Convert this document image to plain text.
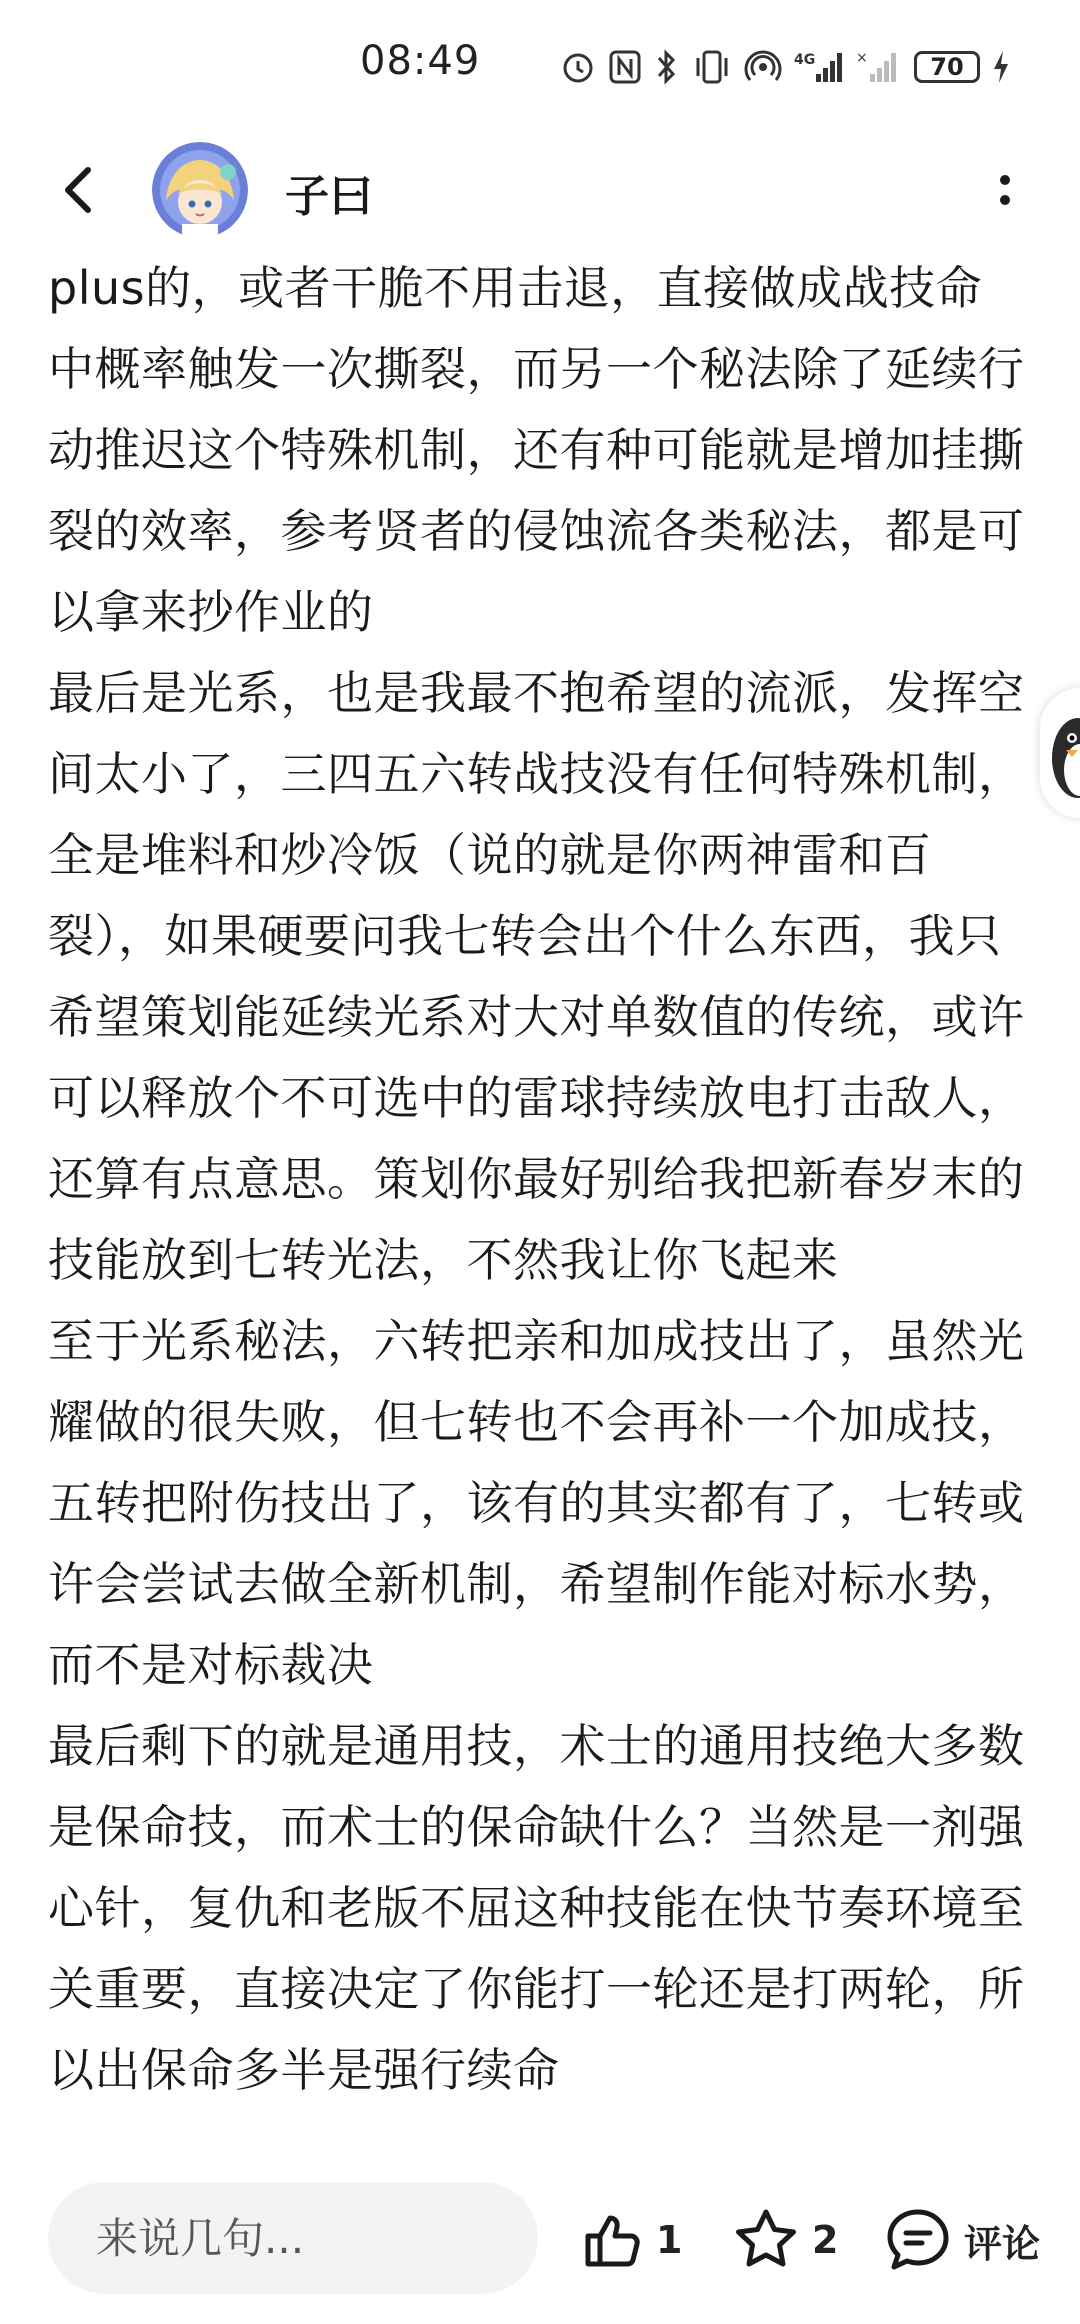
08:49	4G	×	70
子曰

plus的，或者干脆不用击退，直接做成战技命中概率触发一次撕裂，而另一个秘法除了延续行动推迟这个特殊机制，还有种可能就是增加挂撕裂的效率，参考贤者的侵蚀流各类秘法，都是可以拿来抄作业的

最后是光系，也是我最不抱希望的流派，发挥空间太小了，三四五六转战技没有任何特殊机制，全是堆料和炒冷饭（说的就是你两神雷和百裂），如果硬要问我七转会出个什么东西，我只希望策划能延续光系对大对单数值的传统，或许可以释放个不可选中的雷球持续放电打击敌人，还算有点意思。策划你最好别给我把新春岁末的技能放到七转光法，不然我让你飞起来

至于光系秘法，六转把亲和加成技出了，虽然光耀做的很失败，但七转也不会再补一个加成技，五转把附伤技出了，该有的其实都有了，七转或许会尝试去做全新机制，希望制作能对标水势，而不是对标裁决

最后剩下的就是通用技，术士的通用技绝大多数是保命技，而术士的保命缺什么？当然是一剂强心针，复仇和老版不屈这种技能在快节奏环境至关重要，直接决定了你能打一轮还是打两轮，所以出保命多半是强行续命

来说几句...
1	2	评论
